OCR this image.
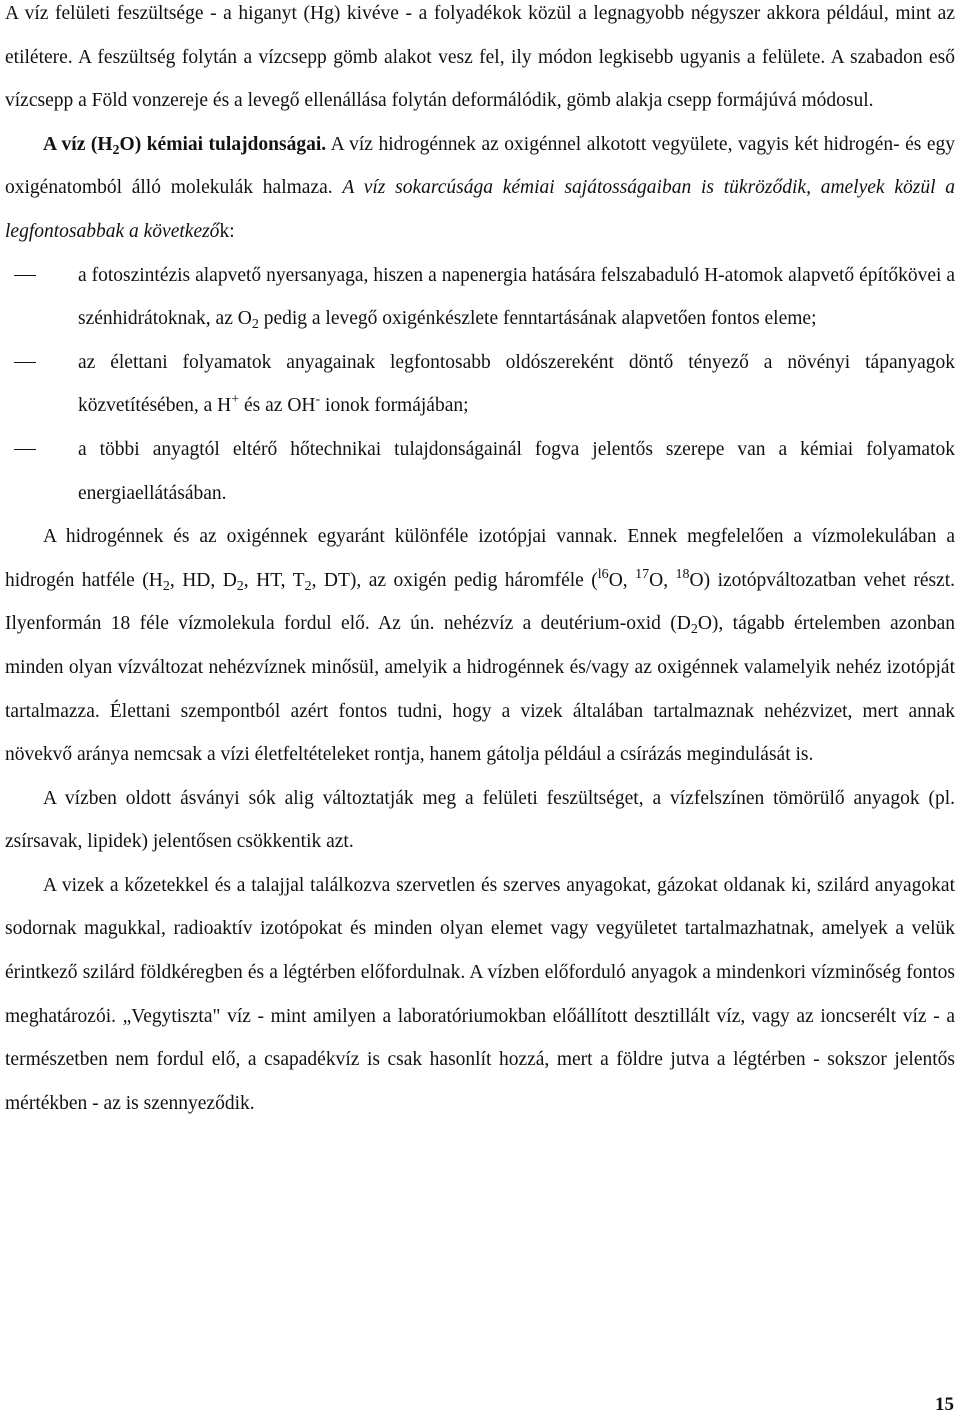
A víz felületi feszültsége - a higanyt (Hg) kivéve - a folyadékok közül a legnagyobb négyszer akkora például, mint az etilétere. A feszültség folytán a vízcsepp gömb alakot vesz fel, ily módon legkisebb ugyanis a felülete. A szabadon eső vízcsepp a Föld vonzereje és a levegő ellenállása folytán deformálódik, gömb alakja csepp formájúvá módosul.

A víz $(H_2O)$ kémiai tulajdonságai. A víz hidrogénnek az oxigénnel alkotott vegyülete, vagyis két hidrogén- és egy oxigénatomból álló molekulák halmaza. A víz sokarcúsága kémiai sajátosságaiban is tükröződik, amelyek közül a legfontosabbak a következők:

a fotoszintézis alapvető nyersanyaga, hiszen a napenergia hatására felszabaduló H-atomok alapvető építőkövei a szénhidrátoknak, az $O_2$ pedig a levegő oxigénkészlete fenntartásának alapvetően fontos eleme;
az élettani folyamatok anyagainak legfontosabb oldószereként döntő tényező a növényi tápanyagok közvetítésében, a H+ és az OH- ionok formájában;
a többi anyagtól eltérő hőtechnikai tulajdonságainál fogva jelentős szerepe van a kémiai folyamatok energiaellátásában.

A hidrogénnek és az oxigénnek egyaránt különféle izotópjai vannak. Ennek megfelelően a vízmolekulában a hidrogén hatféle ($H_2$, HD, $D_2$, HT, $T_2$, DT), az oxigén pedig háromféle ($^{l6}$O, $^{17}$O, $^{18}$O) izotópváltozatban vehet részt. Ilyenformán 18 féle vízmolekula fordul elő. Az ún. nehézvíz a deutérium-oxid $(D_2O)$, tágabb értelemben azonban minden olyan vízváltozat nehézvíznek minősül, amelyik a hidrogénnek és/vagy az oxigénnek valamelyik nehéz izotópját tartalmazza. Élettani szempontból azért fontos tudni, hogy a vizek általában tartalmaznak nehézvizet, mert annak növekvő aránya nemcsak a vízi életfeltételeket rontja, hanem gátolja például a csírázás megindulását is.

A vízben oldott ásványi sók alig változtatják meg a felületi feszültséget, a vízfelszínen tömörülő anyagok (pl. zsírsavak, lipidek) jelentősen csökkentik azt.

A vizek a kőzetekkel és a talajjal találkozva szervetlen és szerves anyagokat, gázokat oldanak ki, szilárd anyagokat sodornak magukkal, radioaktív izotópokat és minden olyan elemet vagy vegyületet tartalmazhatnak, amelyek a velük érintkező szilárd földkéregben és a légtérben előfordulnak. A vízben előforduló anyagok a mindenkori vízminőség fontos meghatározói. „Vegytiszta" víz - mint amilyen a laboratóriumokban előállított desztillált víz, vagy az ioncserélt víz - a természetben nem fordul elő, a csapadékvíz is csak hasonlít hozzá, mert a földre jutva a légtérben - sokszor jelentős mértékben - az is szennyeződik.

15
